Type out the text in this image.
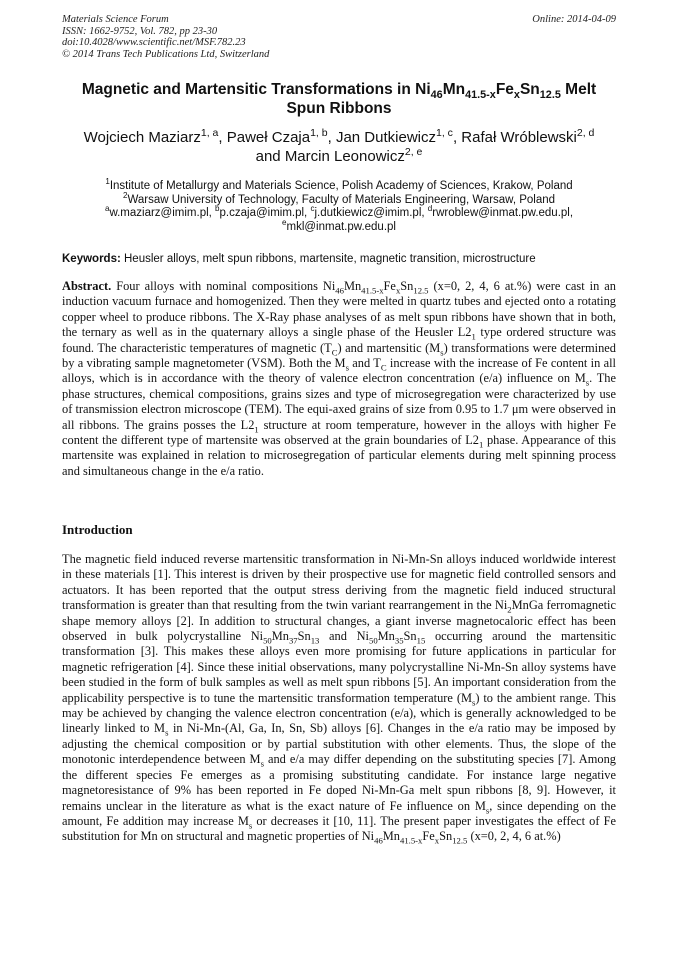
Materials Science Forum
ISSN: 1662-9752, Vol. 782, pp 23-30
doi:10.4028/www.scientific.net/MSF.782.23
© 2014 Trans Tech Publications Ltd, Switzerland
Online: 2014-04-09
Magnetic and Martensitic Transformations in $Ni_{46}Mn_{41.5-x}Fe_xSn_{12.5}$ Melt Spun Ribbons
Wojciech Maziarz$^{1, a}$, Paweł Czaja$^{1, b}$, Jan Dutkiewicz$^{1, c}$, Rafał Wróblewski$^{2, d}$
and Marcin Leonowicz$^{2, e}$
$^1$Institute of Metallurgy and Materials Science, Polish Academy of Sciences, Krakow, Poland
$^2$Warsaw University of Technology, Faculty of Materials Engineering, Warsaw, Poland
$^a$w.maziarz@imim.pl, $^b$p.czaja@imim.pl, $^c$j.dutkiewicz@imim.pl, $^d$rwroblew@inmat.pw.edu.pl,
$^e$mkl@inmat.pw.edu.pl
Keywords: Heusler alloys, melt spun ribbons, martensite, magnetic transition, microstructure
Abstract. Four alloys with nominal compositions $Ni_{46}Mn_{41.5-x}Fe_xSn_{12.5}$ (x=0, 2, 4, 6 at.%) were cast in an induction vacuum furnace and homogenized. Then they were melted in quartz tubes and ejected onto a rotating copper wheel to produce ribbons. The X-Ray phase analyses of as melt spun ribbons have shown that in both, the ternary as well as in the quaternary alloys a single phase of the Heusler $L2_1$ type ordered structure was found. The characteristic temperatures of magnetic $(T_C)$ and martensitic $(M_s)$ transformations were determined by a vibrating sample magnetometer (VSM). Both the $M_s$ and $T_C$ increase with the increase of Fe content in all alloys, which is in accordance with the theory of valence electron concentration (e/a) influence on $M_s$. The phase structures, chemical compositions, grains sizes and type of microsegregation were characterized by use of transmission electron microscope (TEM). The equi-axed grains of size from 0.95 to 1.7 μm were observed in all ribbons. The grains posses the $L2_1$ structure at room temperature, however in the alloys with higher Fe content the different type of martensite was observed at the grain boundaries of $L2_1$ phase. Appearance of this martensite was explained in relation to microsegregation of particular elements during melt spinning process and simultaneous change in the e/a ratio.
Introduction
The magnetic field induced reverse martensitic transformation in Ni-Mn-Sn alloys induced worldwide interest in these materials [1]. This interest is driven by their prospective use for magnetic field controlled sensors and actuators. It has been reported that the output stress deriving from the magnetic field induced structural transformation is greater than that resulting from the twin variant rearrangement in the $Ni_2MnGa$ ferromagnetic shape memory alloys [2]. In addition to structural changes, a giant inverse magnetocaloric effect has been observed in bulk polycrystalline $Ni_{50}Mn_{37}Sn_{13}$ and $Ni_{50}Mn_{35}Sn_{15}$ occurring around the martensitic transformation [3]. This makes these alloys even more promising for future applications in particular for magnetic refrigeration [4]. Since these initial observations, many polycrystalline Ni-Mn-Sn alloy systems have been studied in the form of bulk samples as well as melt spun ribbons [5]. An important consideration from the applicability perspective is to tune the martensitic transformation temperature $(M_s)$ to the ambient range. This may be achieved by changing the valence electron concentration (e/a), which is generally acknowledged to be linearly linked to $M_s$ in Ni-Mn-(Al, Ga, In, Sn, Sb) alloys [6]. Changes in the e/a ratio may be imposed by adjusting the chemical composition or by partial substitution with other elements. Thus, the slope of the monotonic interdependence between $M_s$ and e/a may differ depending on the substituting species [7]. Among the different species Fe emerges as a promising substituting candidate. For instance large negative magnetoresistance of 9% has been reported in Fe doped Ni-Mn-Ga melt spun ribbons [8, 9]. However, it remains unclear in the literature as what is the exact nature of Fe influence on $M_s$, since depending on the amount, Fe addition may increase $M_s$ or decreases it [10, 11]. The present paper investigates the effect of Fe substitution for Mn on structural and magnetic properties of $Ni_{46}Mn_{41.5-x}Fe_xSn_{12.5}$ (x=0, 2, 4, 6 at.%)
